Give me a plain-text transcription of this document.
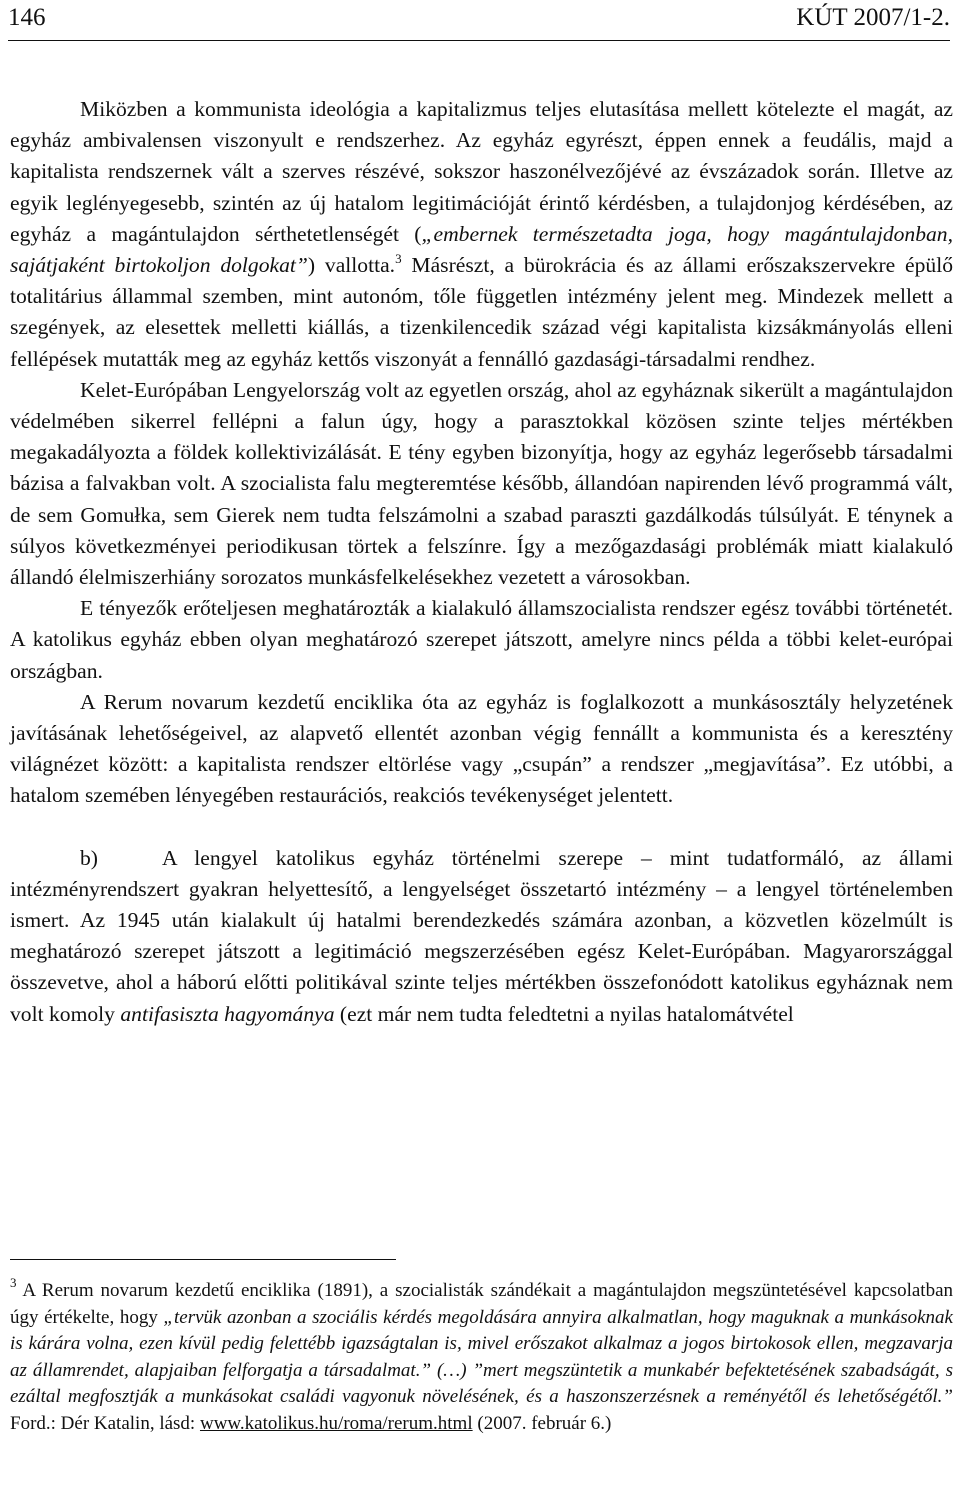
146	KÚT 2007/1-2.

Miközben a kommunista ideológia a kapitalizmus teljes elutasítása mellett kötelezte el magát, az egyház ambivalensen viszonyult e rendszerhez. Az egyház egyrészt, éppen ennek a feudális, majd a kapitalista rendszernek vált a szerves részévé, sokszor haszonélvezőjévé az évszázadok során. Illetve az egyik leglényegesebb, szintén az új hatalom legitimációját érintő kérdésben, a tulajdonjog kérdésében, az egyház a magántulajdon sérthetetlenségét („embernek természetadta joga, hogy magántulajdonban, sajátjaként birtokoljon dolgokat”) vallotta.$^3$ Másrészt, a bürokrácia és az állami erőszakszervekre épülő totalitárius állammal szemben, mint autonóm, tőle független intézmény jelent meg. Mindezek mellett a szegények, az elesettek melletti kiállás, a tizenkilencedik század végi kapitalista kizsákmányolás elleni fellépések mutatták meg az egyház kettős viszonyát a fennálló gazdasági-társadalmi rendhez.

Kelet-Európában Lengyelország volt az egyetlen ország, ahol az egyháznak sikerült a magántulajdon védelmében sikerrel fellépni a falun úgy, hogy a parasztokkal közösen szinte teljes mértékben megakadályozta a földek kollektivizálását. E tény egyben bizonyítja, hogy az egyház legerősebb társadalmi bázisa a falvakban volt. A szocialista falu megteremtése később, állandóan napirenden lévő programmá vált, de sem Gomułka, sem Gierek nem tudta felszámolni a szabad paraszti gazdálkodás túlsúlyát. E ténynek a súlyos következményei periodikusan törtek a felszínre. Így a mezőgazdasági problémák miatt kialakuló állandó élelmiszerhiány sorozatos munkásfelkelésekhez vezetett a városokban.

E tényezők erőteljesen meghatározták a kialakuló államszocialista rendszer egész további történetét. A katolikus egyház ebben olyan meghatározó szerepet játszott, amelyre nincs példa a többi kelet-európai országban.

A Rerum novarum kezdetű enciklika óta az egyház is foglalkozott a munkásosztály helyzetének javításának lehetőségeivel, az alapvető ellentét azonban végig fennállt a kommunista és a keresztény világnézet között: a kapitalista rendszer eltörlése vagy „csupán” a rendszer „megjavítása”. Ez utóbbi, a hatalom szemében lényegében restaurációs, reakciós tevékenységet jelentett.

b)	A lengyel katolikus egyház történelmi szerepe – mint tudatformáló, az állami intézményrendszert gyakran helyettesítő, a lengyelséget összetartó intézmény – a lengyel történelemben ismert. Az 1945 után kialakult új hatalmi berendezkedés számára azonban, a közvetlen közelmúlt is meghatározó szerepet játszott a legitimáció megszerzésében egész Kelet-Európában. Magyarországgal összevetve, ahol a háború előtti politikával szinte teljes mértékben összefonódott katolikus egyháznak nem volt komoly antifasiszta hagyománya (ezt már nem tudta feledtetni a nyilas hatalomátvétel

$^3$ A Rerum novarum kezdetű enciklika (1891), a szocialisták szándékait a magántulajdon megszüntetésével kapcsolatban úgy értékelte, hogy „tervük azonban a szociális kérdés megoldására annyira alkalmatlan, hogy maguknak a munkásoknak is kárára volna, ezen kívül pedig felettébb igazságtalan is, mivel erőszakot alkalmaz a jogos birtokosok ellen, megzavarja az államrendet, alapjaiban felforgatja a társadalmat.” (…) ”mert megszüntetik a munkabér befektetésének szabadságát, s ezáltal megfosztják a munkásokat családi vagyonuk növelésének, és a haszonszerzésnek a reményétől és lehetőségétől.” Ford.: Dér Katalin, lásd: www.katolikus.hu/roma/rerum.html (2007. február 6.)
